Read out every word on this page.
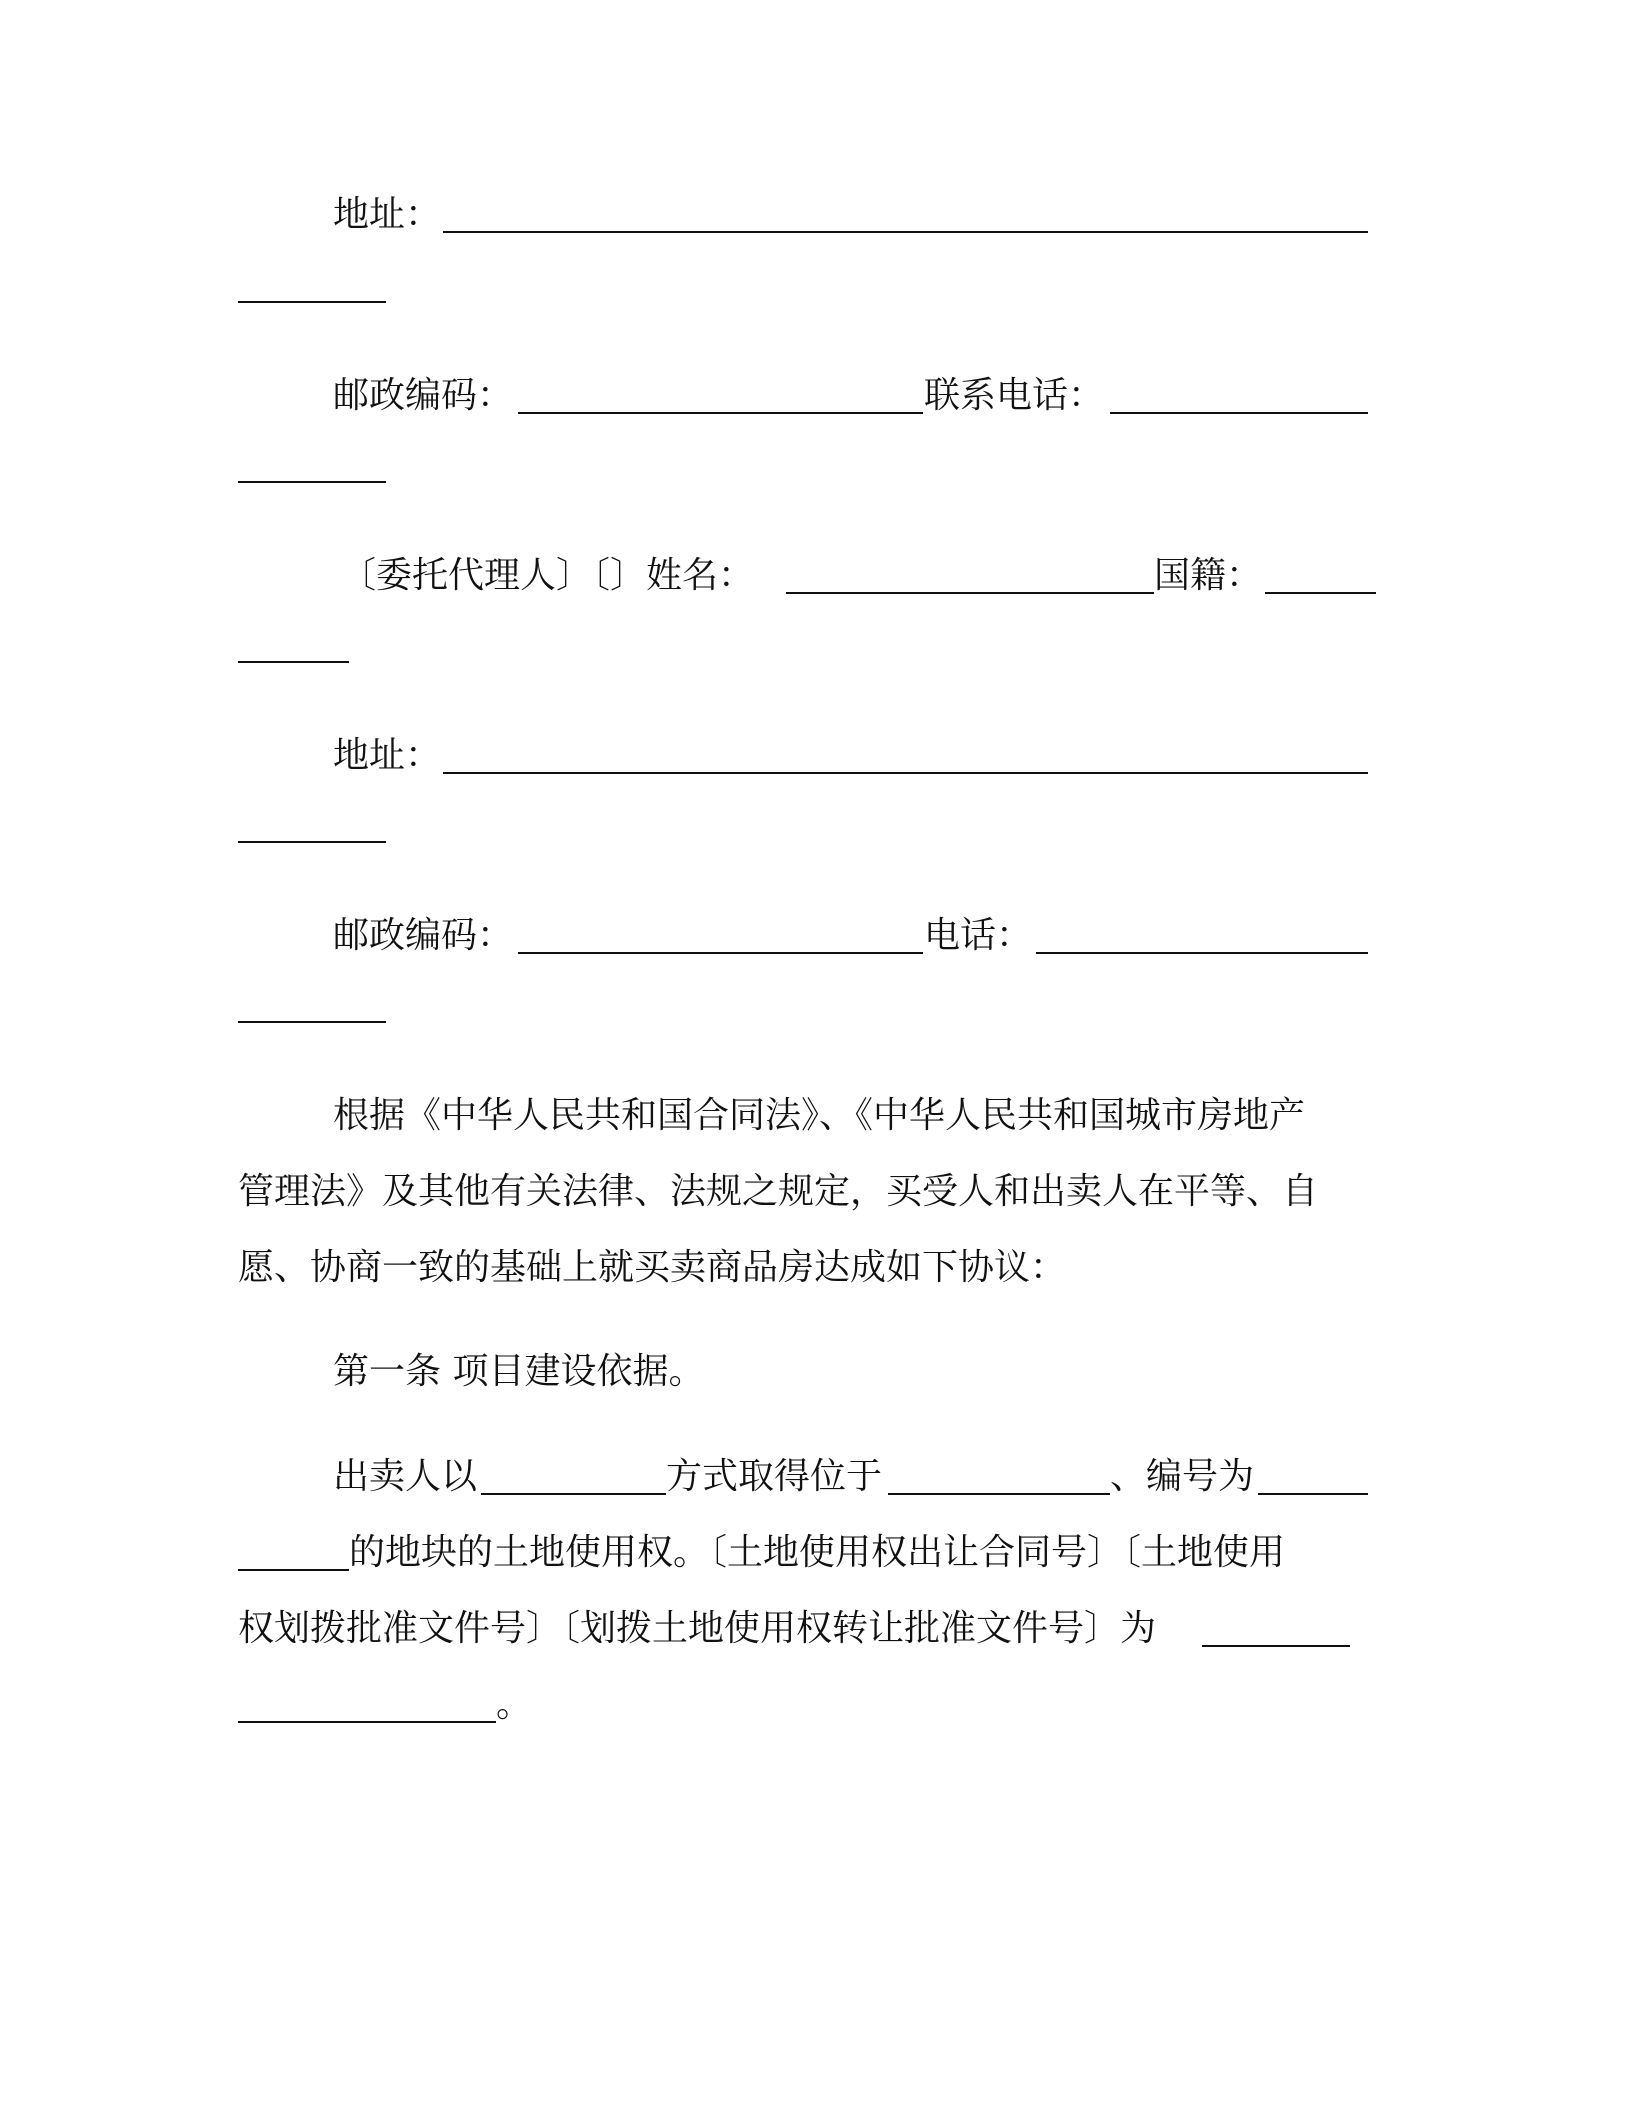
地址：
邮政编码：	联系电话：
〔委托代理人〕〔〕姓名：	国籍：
地址：
邮政编码：	电话：
根据《中华人民共和国合同法》、《中华人民共和国城市房地产
管理法》及其他有关法律、法规之规定，买受人和出卖人在平等、自
愿、协商一致的基础上就买卖商品房达成如下协议：
第一条 项目建设依据。
出卖人以	方式取得位于	、编号为
的地块的土地使用权。〔土地使用权出让合同号〕〔土地使用
权划拨批准文件号〕〔划拨土地使用权转让批准文件号〕为
。
